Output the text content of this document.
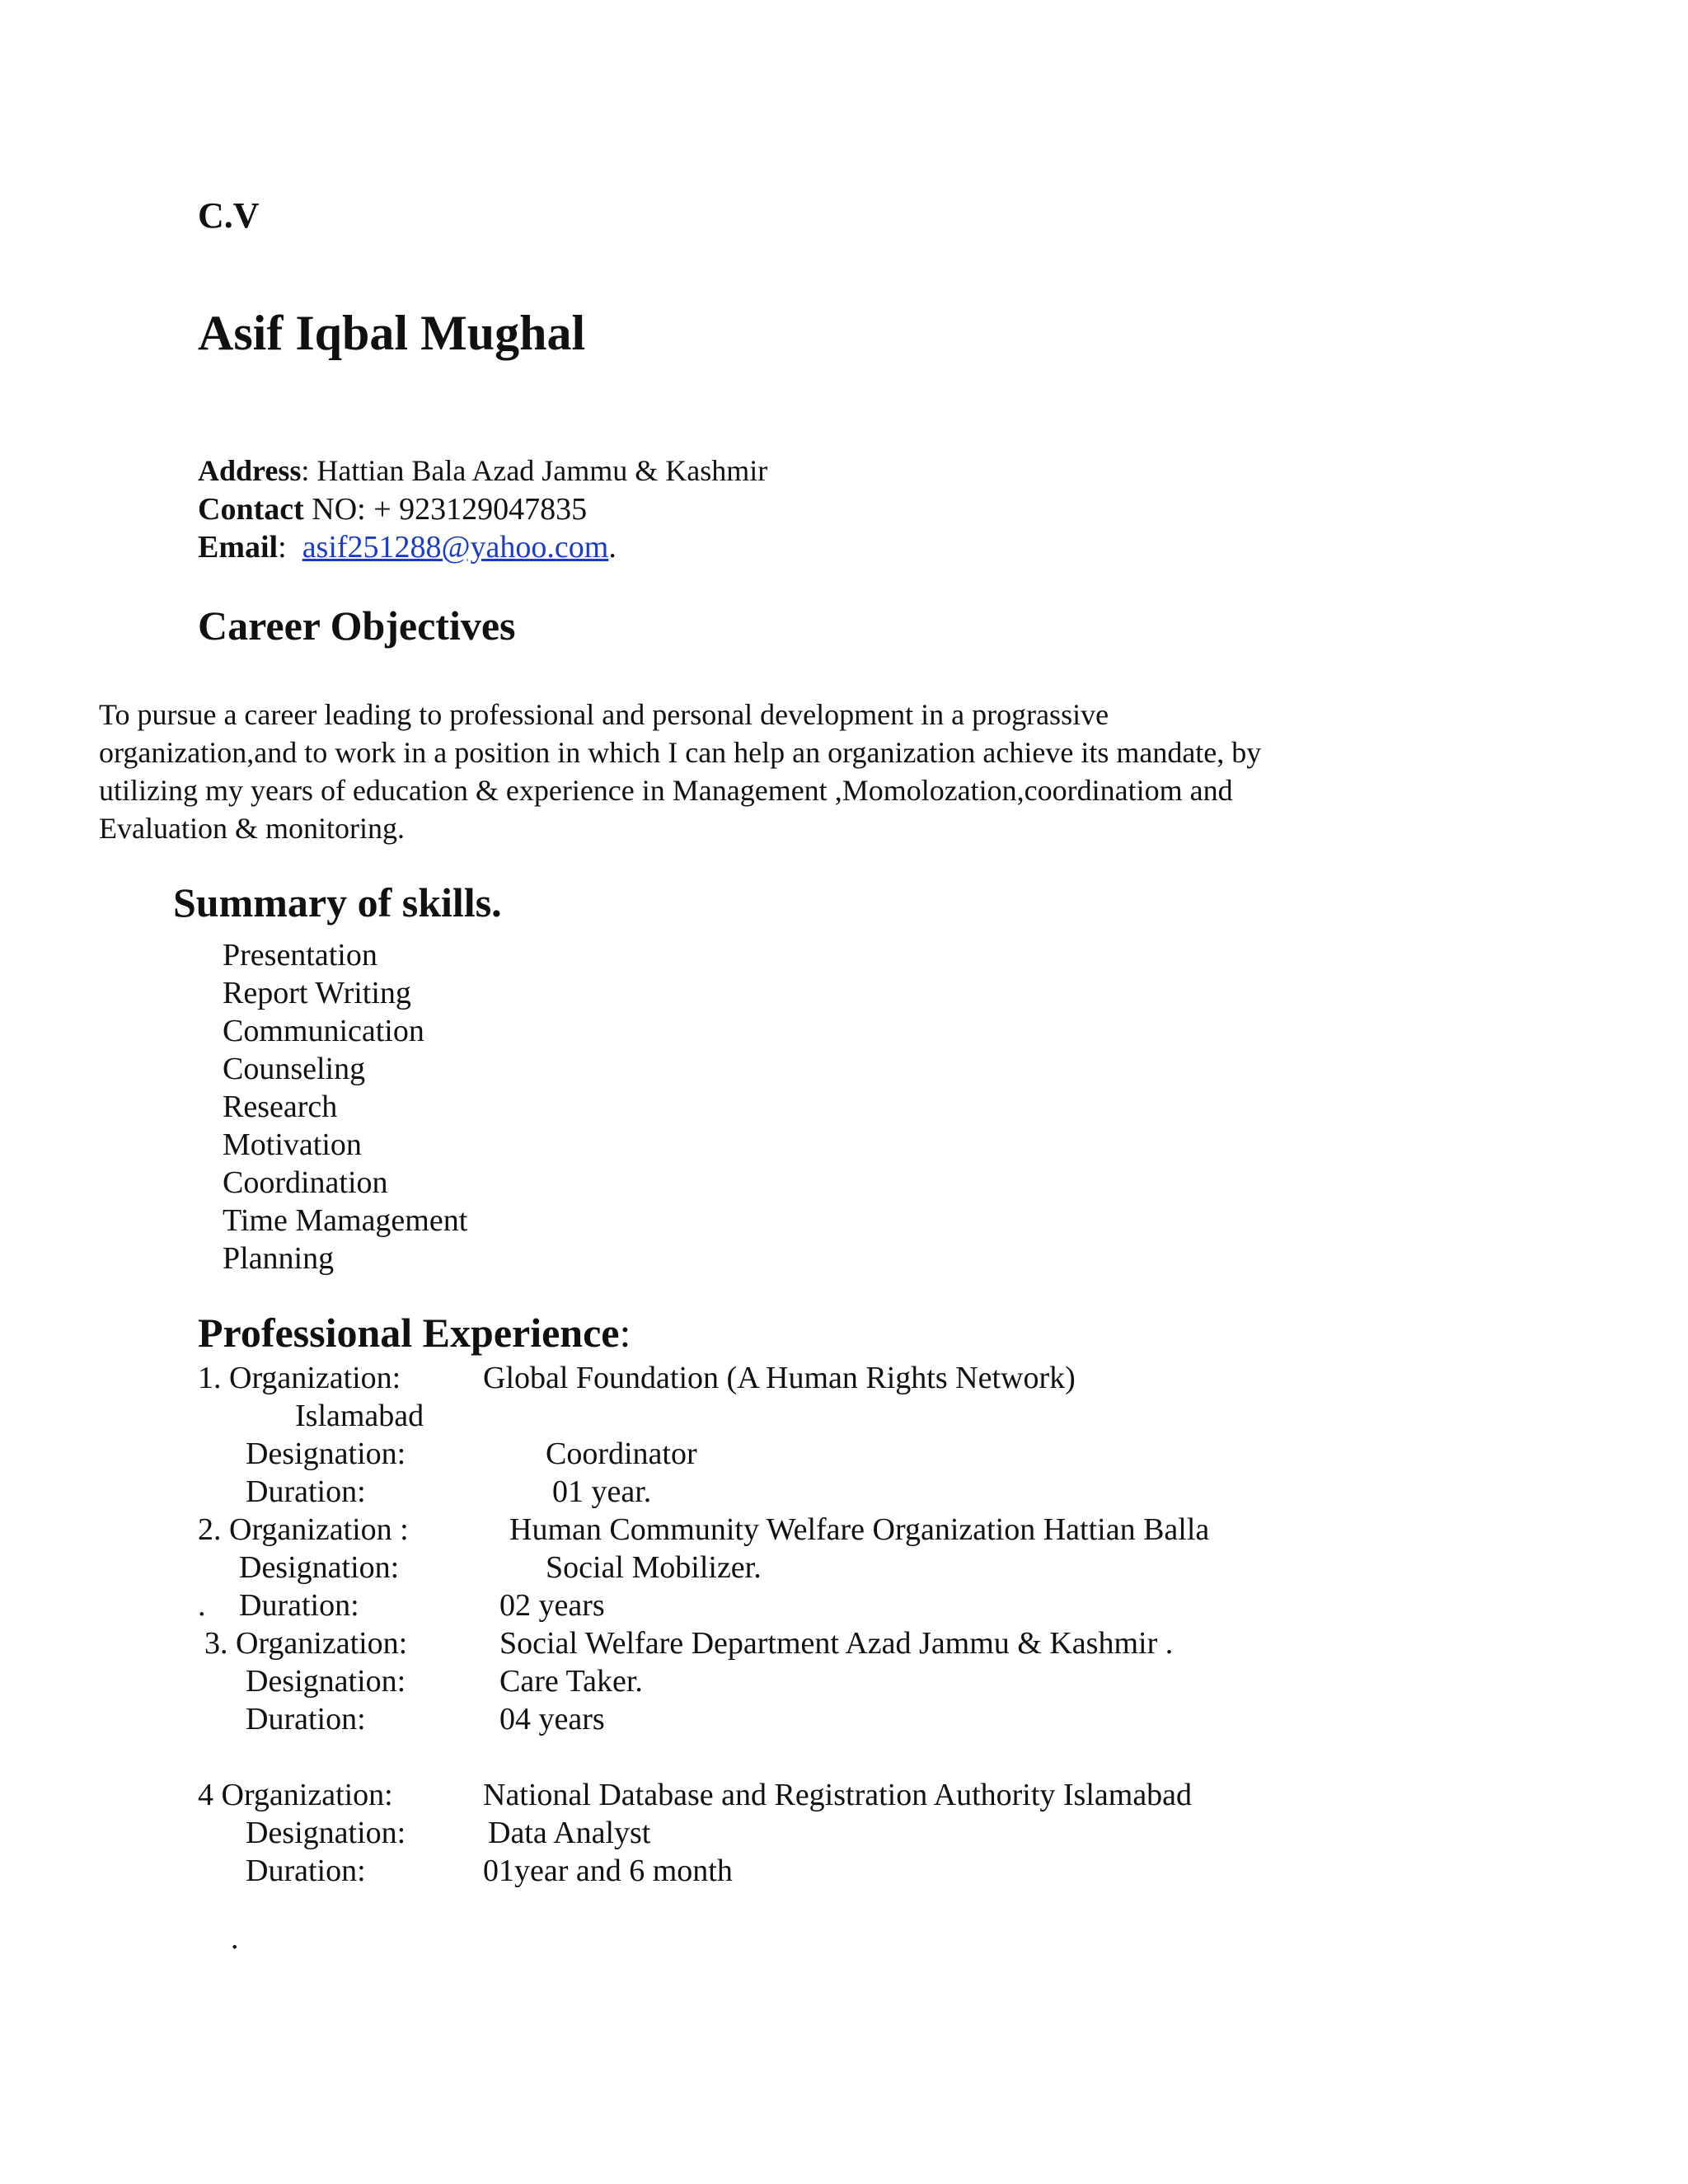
C.V
Asif Iqbal Mughal
Address: Hattian Bala Azad Jammu & Kashmir
Contact NO: + 923129047835
Email:  asif251288@yahoo.com.
Career Objectives
To pursue a career leading to professional and personal development in a prograssive
organization,and to work in a position in which I can help an organization achieve its mandate, by
utilizing my years of education & experience in Management ,Momolozation,coordinatiom and
Evaluation & monitoring.
Summary of skills.
Presentation
Report Writing
Communication
Counseling
Research
Motivation
Coordination
Time Mamagement
Planning
Professional Experience:
1. Organization:	Global Foundation (A Human Rights Network)
Islamabad
Designation:	Coordinator
Duration:	01 year.
2. Organization :	Human Community Welfare Organization Hattian Balla
Designation:	Social Mobilizer.
. Duration:	02 years
3. Organization:	Social Welfare Department Azad Jammu & Kashmir .
Designation:	Care Taker.
Duration:	04 years
4 Organization:	National Database and Registration Authority Islamabad
Designation:	Data Analyst
Duration:	01year and 6 month
.
